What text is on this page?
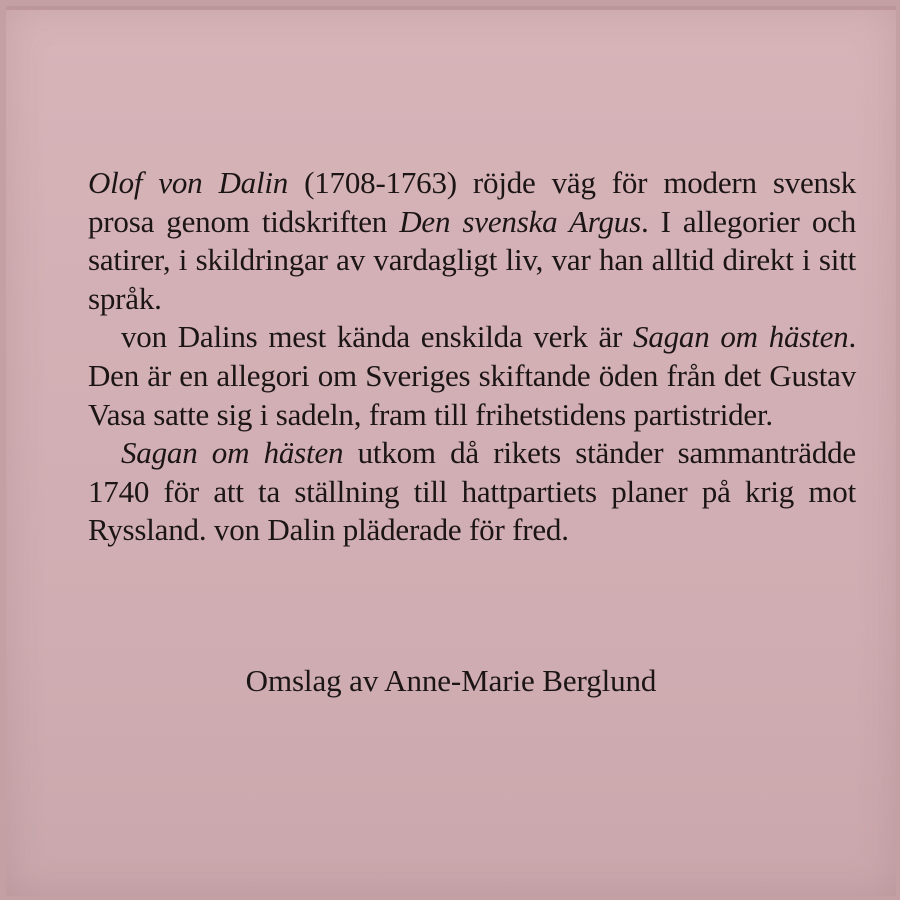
Olof von Dalin (1708-1763) röjde väg för modern svensk prosa genom tidskriften Den svenska Argus. I allegorier och satirer, i skildringar av vardagligt liv, var han alltid direkt i sitt språk.

von Dalins mest kända enskilda verk är Sagan om hästen. Den är en allegori om Sveriges skiftande öden från det Gustav Vasa satte sig i sadeln, fram till frihetstidens partistrider.

Sagan om hästen utkom då rikets ständer sammanträdde 1740 för att ta ställning till hattpartiets planer på krig mot Ryssland. von Dalin pläderade för fred.

Omslag av Anne-Marie Berglund
